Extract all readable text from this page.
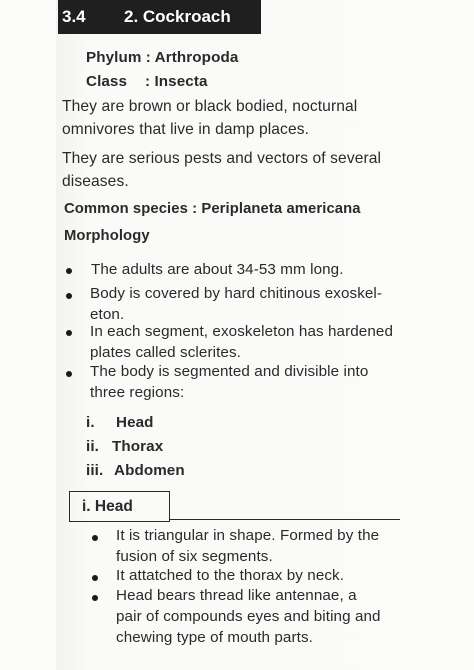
3.4	2. Cockroach
Phylum : Arthropoda
Class : Insecta
They are brown or black bodied, nocturnal
omnivores that live in damp places.
They are serious pests and vectors of several
diseases.
Common species : Periplaneta americana
Morphology
The adults are about 34-53 mm long.
Body is covered by hard chitinous exoskel-
eton.
In each segment, exoskeleton has hardened
plates called sclerites.
The body is segmented and divisible into
three regions:
i. Head
ii. Thorax
iii. Abdomen
i. Head
It is triangular in shape. Formed by the
fusion of six segments.
It attatched to the thorax by neck.
Head bears thread like antennae, a
pair of compounds eyes and biting and
chewing type of mouth parts.
